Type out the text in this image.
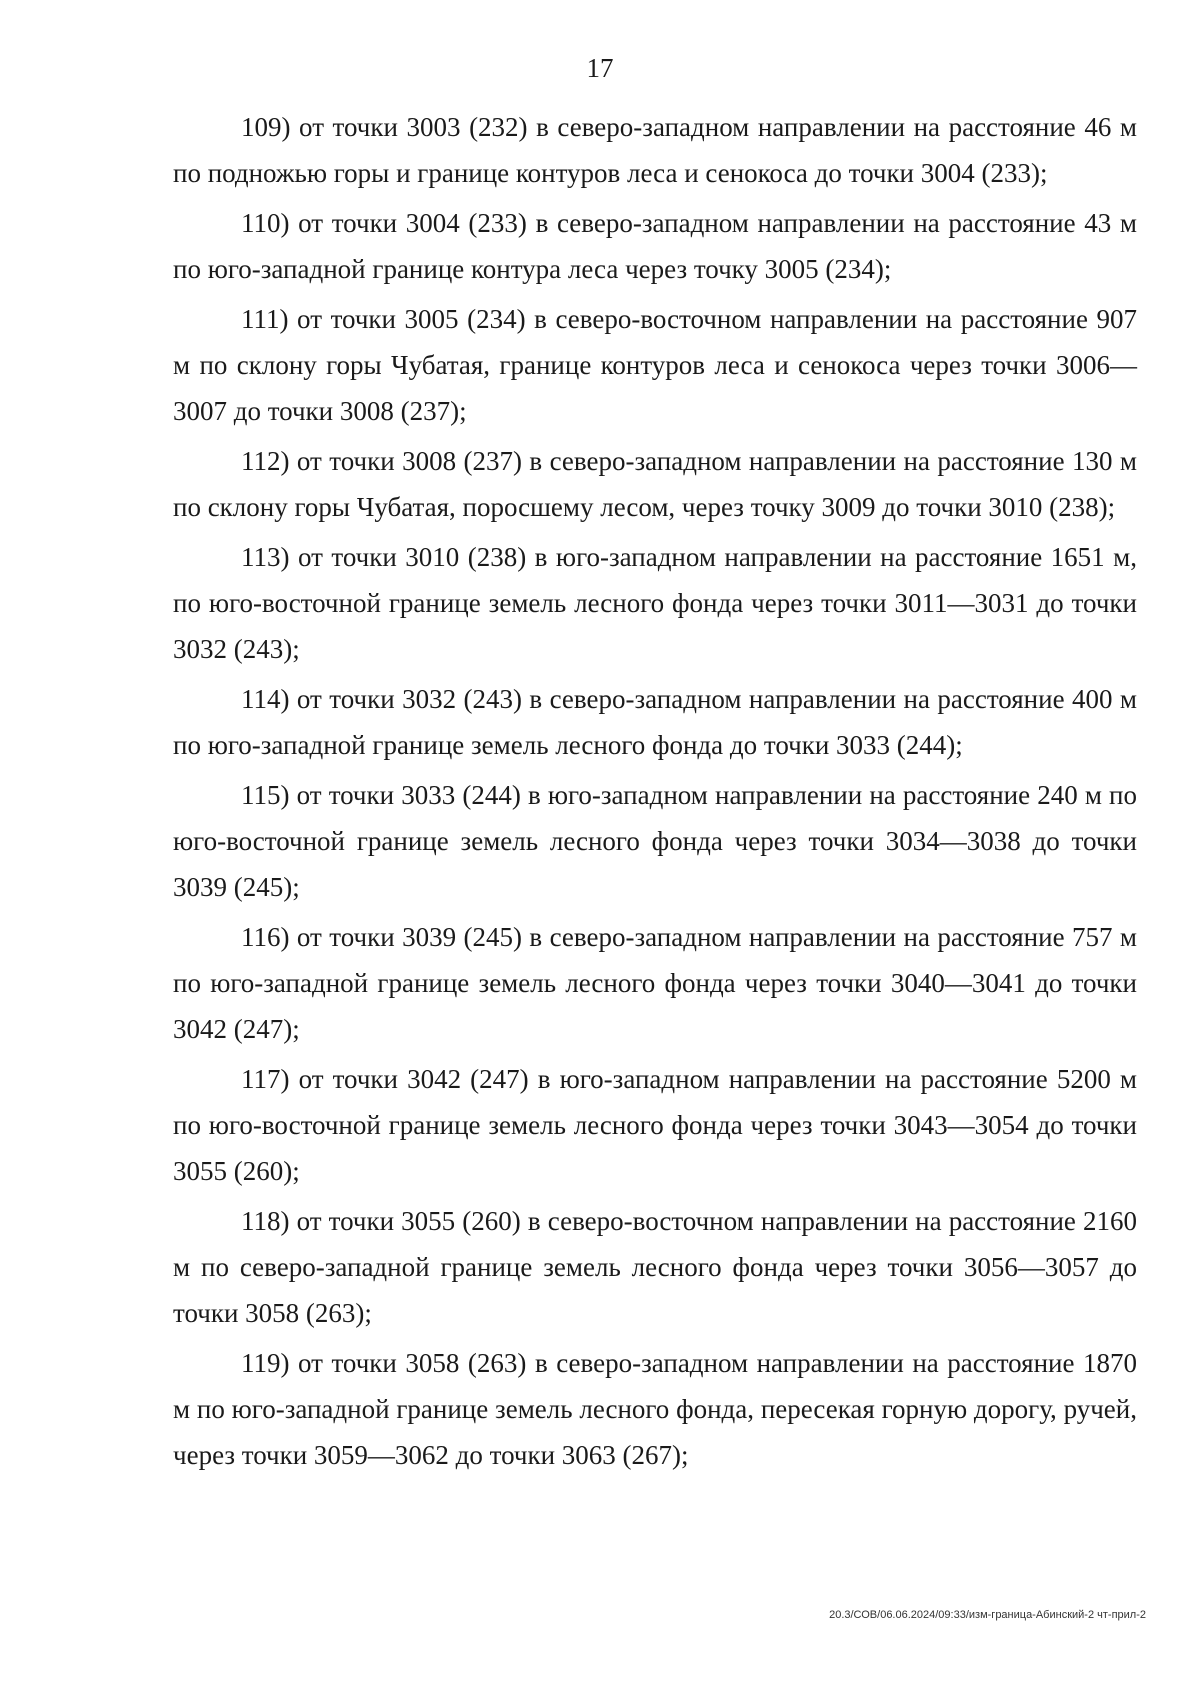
17

109) от точки 3003 (232) в северо-западном направлении на расстояние 46 м по подножью горы и границе контуров леса и сенокоса до точки 3004 (233);

110) от точки 3004 (233) в северо-западном направлении на расстояние 43 м по юго-западной границе контура леса через точку 3005 (234);

111) от точки 3005 (234) в северо-восточном направлении на расстояние 907 м по склону горы Чубатая, границе контуров леса и сенокоса через точки 3006—3007 до точки 3008 (237);

112) от точки 3008 (237) в северо-западном направлении на расстояние 130 м по склону горы Чубатая, поросшему лесом, через точку 3009 до точки 3010 (238);

113) от точки 3010 (238) в юго-западном направлении на расстояние 1651 м, по юго-восточной границе земель лесного фонда через точки 3011—3031 до точки 3032 (243);

114) от точки 3032 (243) в северо-западном направлении на расстояние 400 м по юго-западной границе земель лесного фонда до точки 3033 (244);

115) от точки 3033 (244) в юго-западном направлении на расстояние 240 м по юго-восточной границе земель лесного фонда через точки 3034—3038 до точки 3039 (245);

116) от точки 3039 (245) в северо-западном направлении на расстояние 757 м по юго-западной границе земель лесного фонда через точки 3040—3041 до точки 3042 (247);

117) от точки 3042 (247) в юго-западном направлении на расстояние 5200 м по юго-восточной границе земель лесного фонда через точки 3043—3054 до точки 3055 (260);

118) от точки 3055 (260) в северо-восточном направлении на расстояние 2160 м по северо-западной границе земель лесного фонда через точки 3056—3057 до точки 3058 (263);

119) от точки 3058 (263) в северо-западном направлении на расстояние 1870 м по юго-западной границе земель лесного фонда, пересекая горную дорогу, ручей, через точки 3059—3062 до точки 3063 (267);

20.3/СОВ/06.06.2024/09:33/изм-граница-Абинский-2 чт-прил-2
